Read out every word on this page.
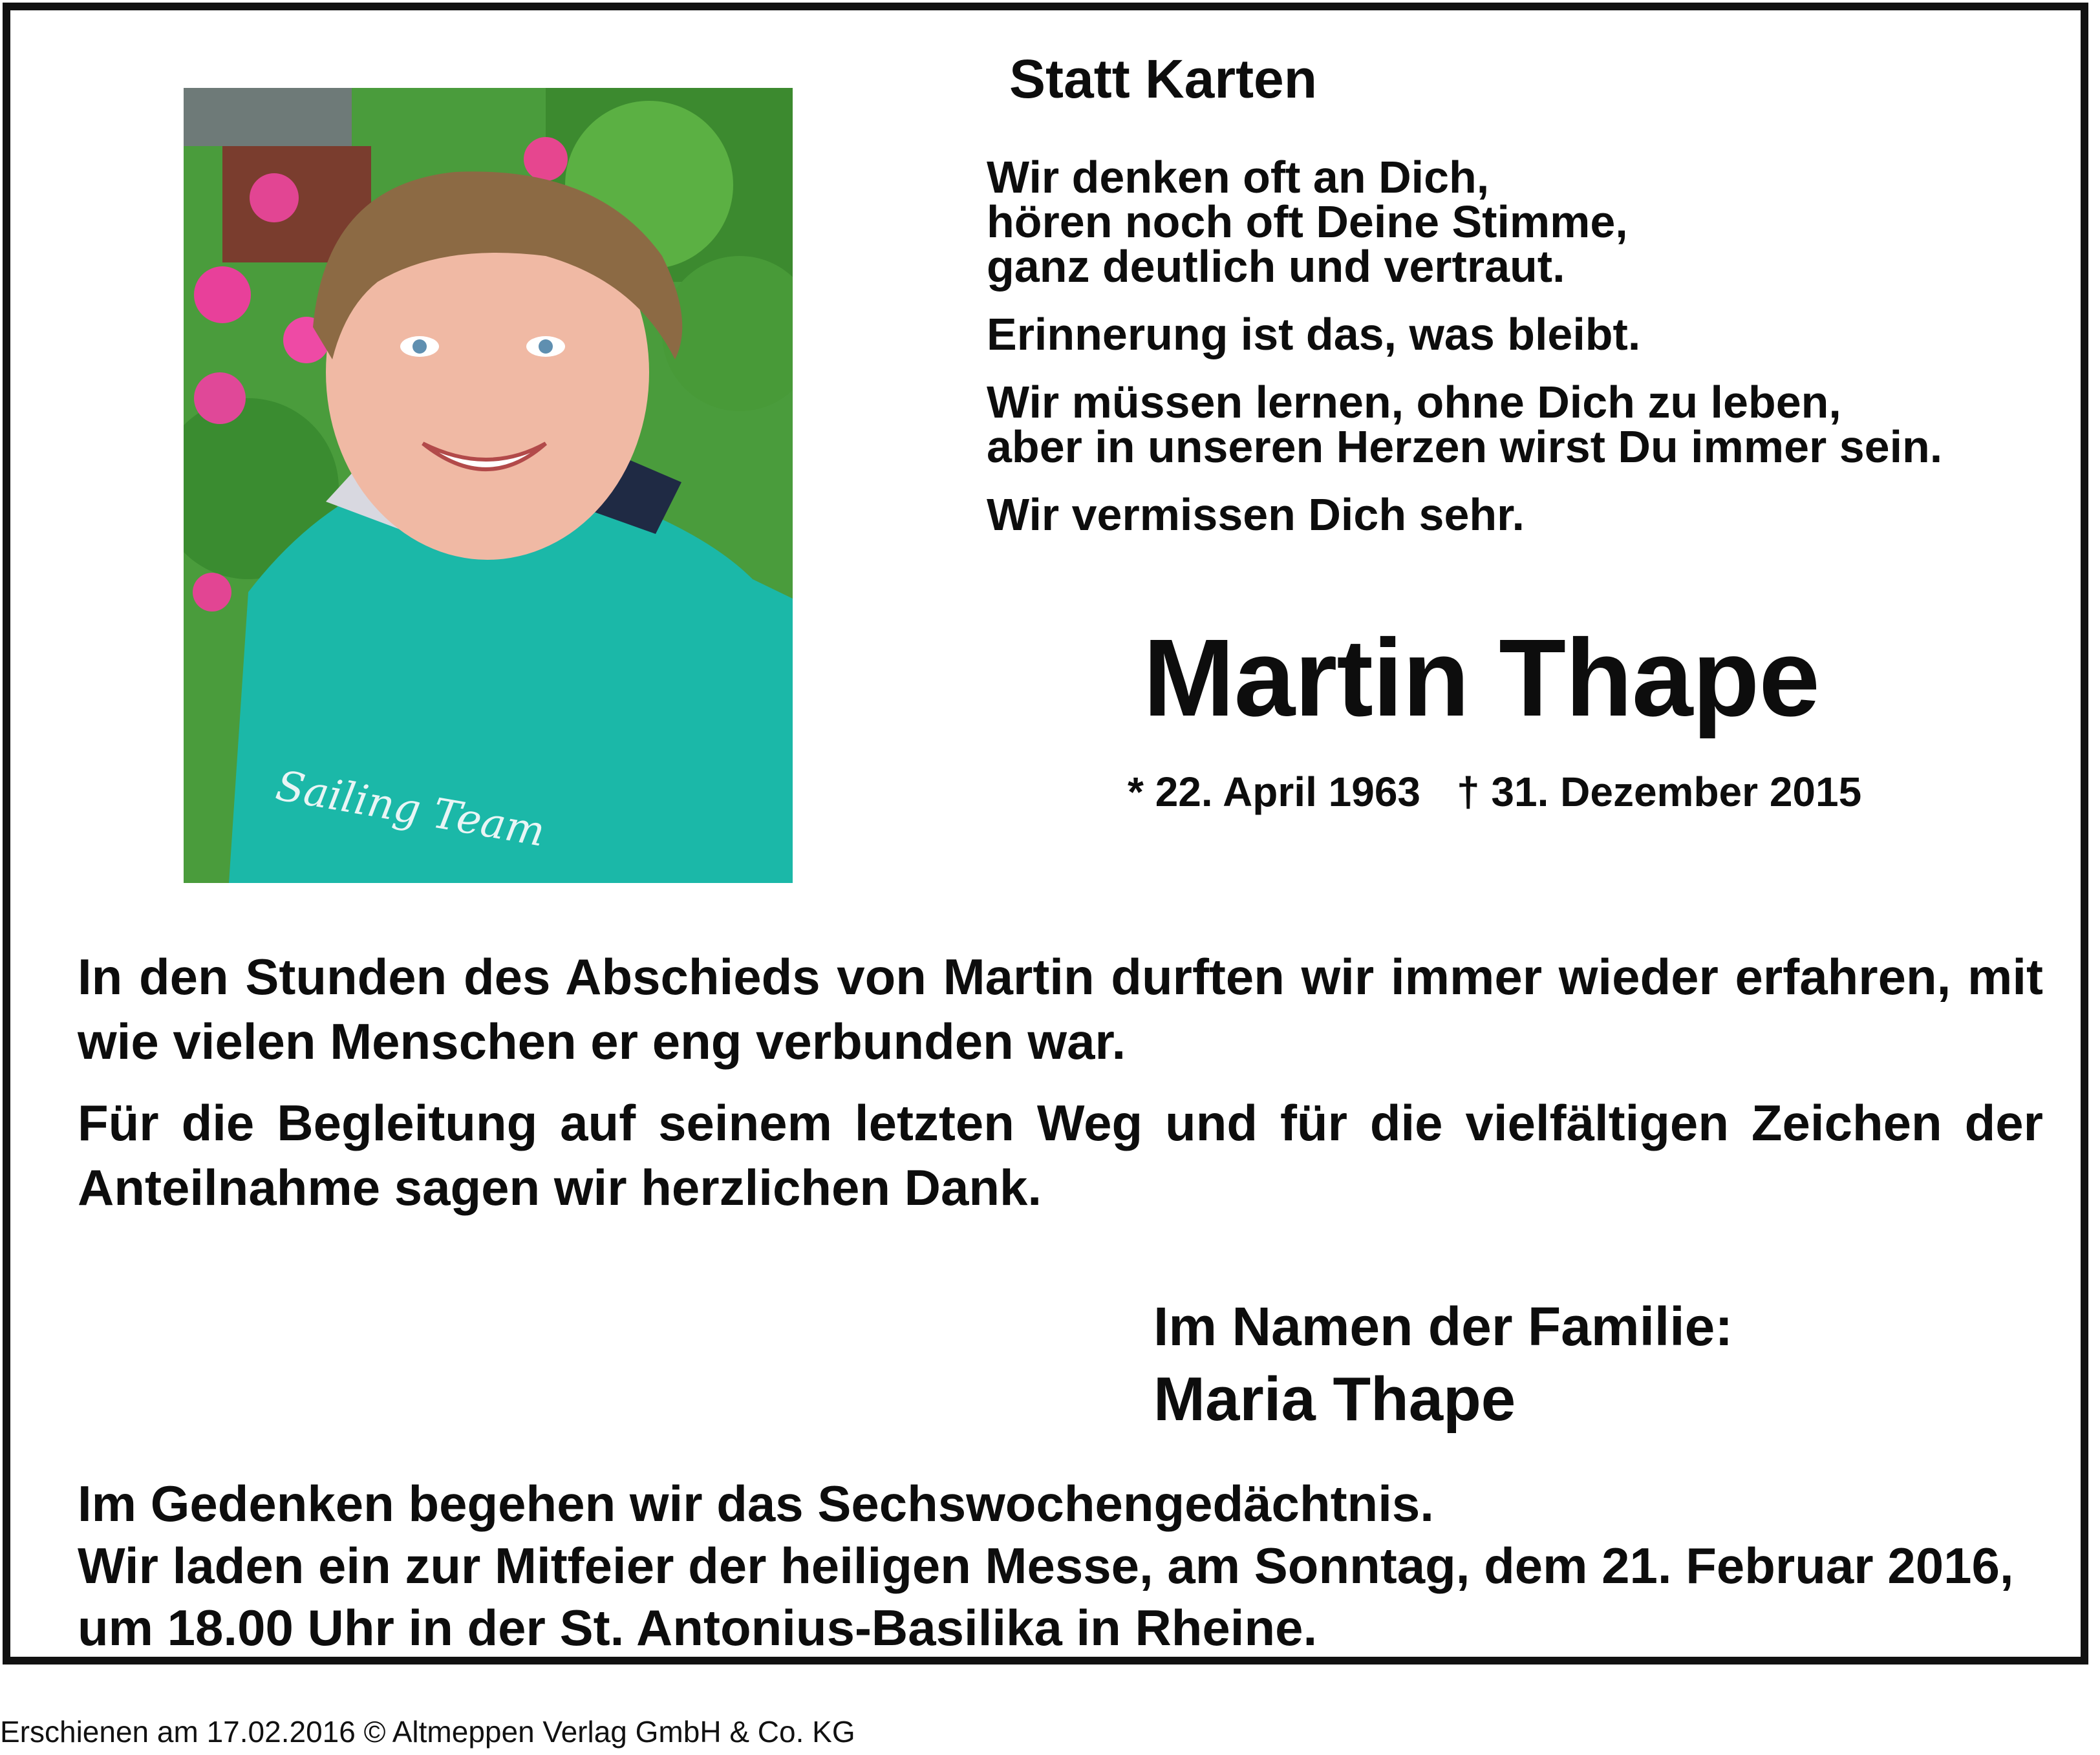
Sailing Team
Statt Karten

Wir denken oft an Dich,
hören noch oft Deine Stimme,
ganz deutlich und vertraut.

Erinnerung ist das, was bleibt.

Wir müssen lernen, ohne Dich zu leben,
aber in unseren Herzen wirst Du immer sein.

Wir vermissen Dich sehr.

Martin Thape
* 22. April 1963 † 31. Dezember 2015

In den Stunden des Abschieds von Martin durften wir immer wieder erfahren, mit wie vielen Menschen er eng verbunden war.

Für die Begleitung auf seinem letzten Weg und für die vielfältigen Zeichen der Anteilnahme sagen wir herzlichen Dank.

Im Namen der Familie:
Maria Thape

Im Gedenken begehen wir das Sechswochengedächtnis.

Wir laden ein zur Mitfeier der heiligen Messe, am Sonntag, dem 21. Februar 2016, um 18.00 Uhr in der St. Antonius-Basilika in Rheine.

Erschienen am 17.02.2016 © Altmeppen Verlag GmbH & Co. KG
